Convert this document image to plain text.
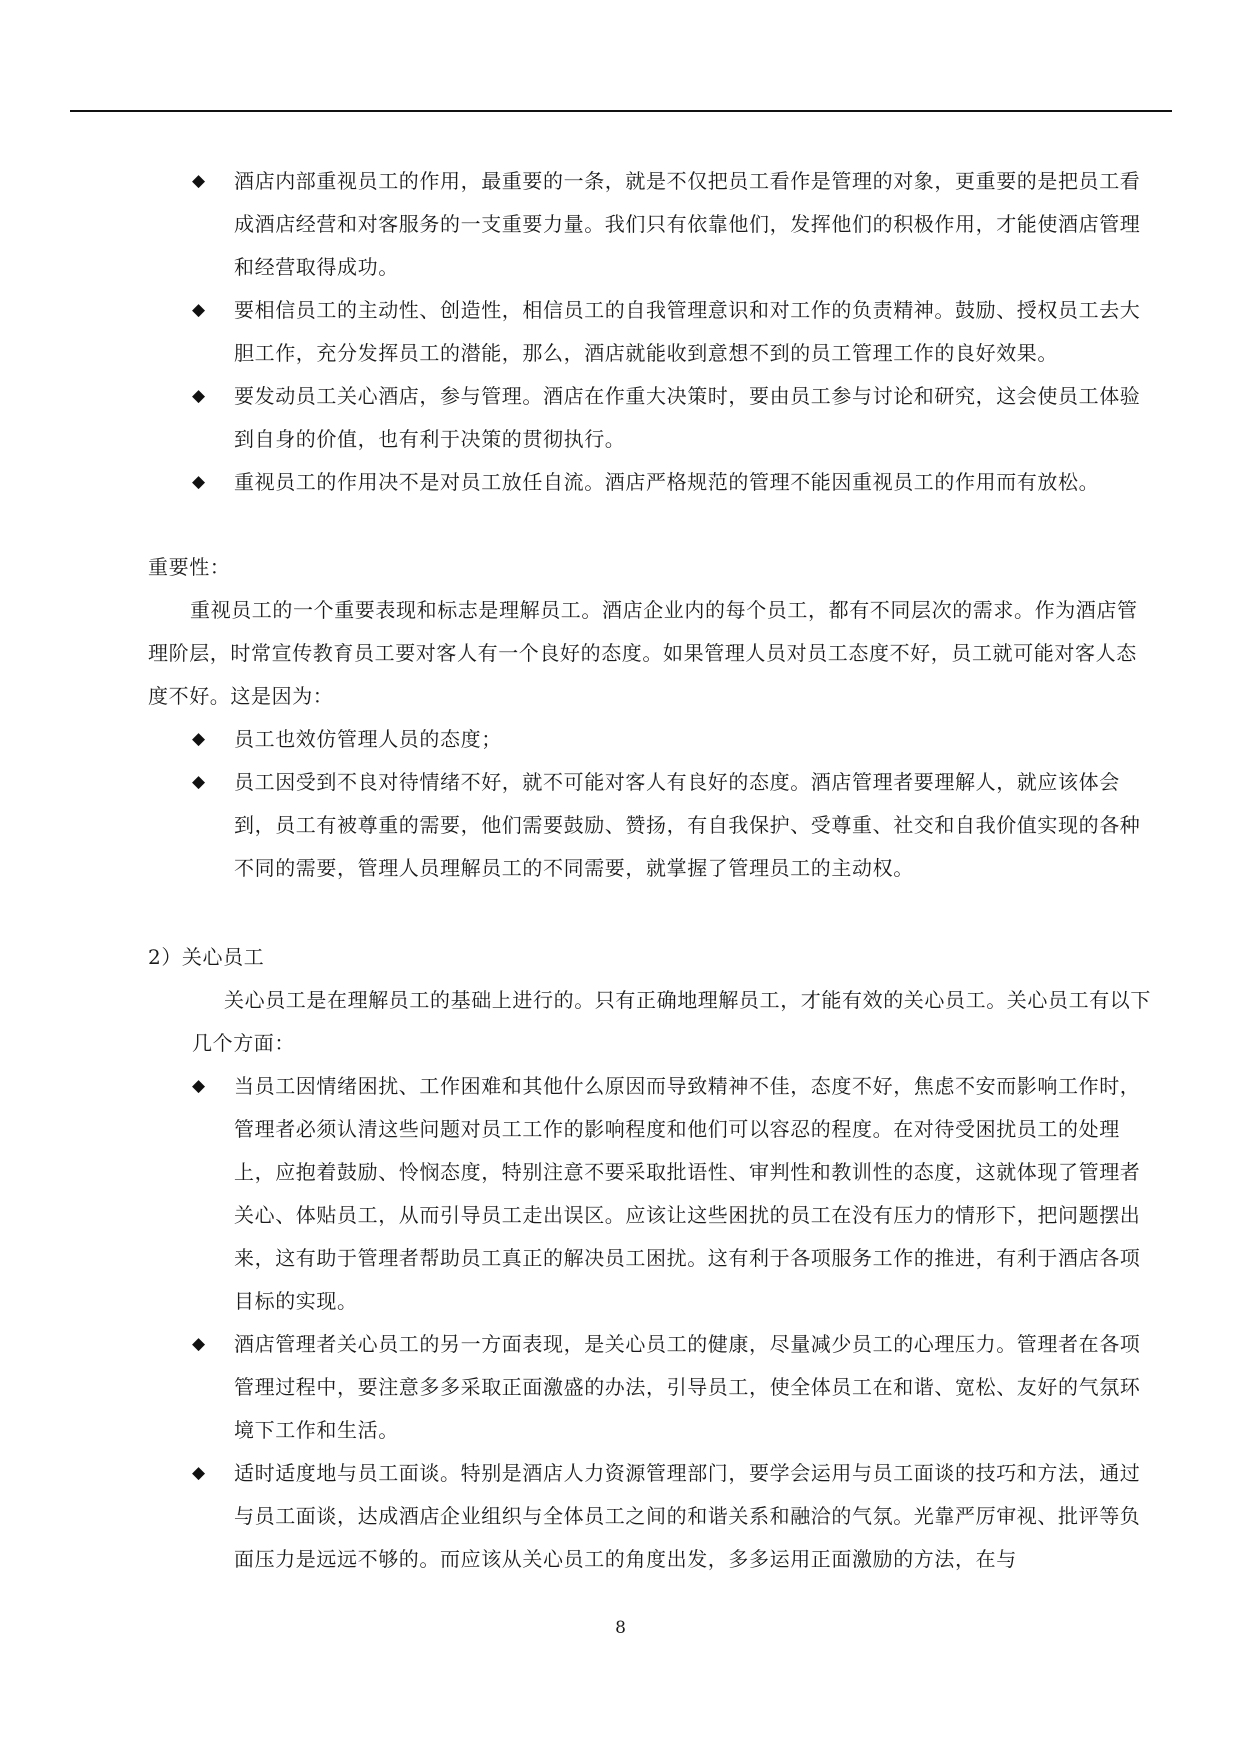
◆ 酒店内部重视员工的作用，最重要的一条，就是不仅把员工看作是管理的对象，更重要的是把员工看成酒店经营和对客服务的一支重要力量。我们只有依靠他们，发挥他们的积极作用，才能使酒店管理和经营取得成功。
◆ 要相信员工的主动性、创造性，相信员工的自我管理意识和对工作的负责精神。鼓励、授权员工去大胆工作，充分发挥员工的潜能，那么，酒店就能收到意想不到的员工管理工作的良好效果。
◆ 要发动员工关心酒店，参与管理。酒店在作重大决策时，要由员工参与讨论和研究，这会使员工体验到自身的价值，也有利于决策的贯彻执行。
◆ 重视员工的作用决不是对员工放任自流。酒店严格规范的管理不能因重视员工的作用而有放松。
重要性：
重视员工的一个重要表现和标志是理解员工。酒店企业内的每个员工，都有不同层次的需求。作为酒店管理阶层，时常宣传教育员工要对客人有一个良好的态度。如果管理人员对员工态度不好，员工就可能对客人态度不好。这是因为：
◆ 员工也效仿管理人员的态度；
◆ 员工因受到不良对待情绪不好，就不可能对客人有良好的态度。酒店管理者要理解人，就应该体会到，员工有被尊重的需要，他们需要鼓励、赞扬，有自我保护、受尊重、社交和自我价值实现的各种不同的需要，管理人员理解员工的不同需要，就掌握了管理员工的主动权。
2）关心员工
关心员工是在理解员工的基础上进行的。只有正确地理解员工，才能有效的关心员工。关心员工有以下几个方面：
◆ 当员工因情绪困扰、工作困难和其他什么原因而导致精神不佳，态度不好，焦虑不安而影响工作时，管理者必须认清这些问题对员工工作的影响程度和他们可以容忍的程度。在对待受困扰员工的处理上，应抱着鼓励、怜悯态度，特别注意不要采取批语性、审判性和教训性的态度，这就体现了管理者关心、体贴员工，从而引导员工走出误区。应该让这些困扰的员工在没有压力的情形下，把问题摆出来，这有助于管理者帮助员工真正的解决员工困扰。这有利于各项服务工作的推进，有利于酒店各项目标的实现。
◆ 酒店管理者关心员工的另一方面表现，是关心员工的健康，尽量减少员工的心理压力。管理者在各项管理过程中，要注意多多采取正面激盛的办法，引导员工，使全体员工在和谐、宽松、友好的气氛环境下工作和生活。
◆ 适时适度地与员工面谈。特别是酒店人力资源管理部门，要学会运用与员工面谈的技巧和方法，通过与员工面谈，达成酒店企业组织与全体员工之间的和谐关系和融洽的气氛。光靠严厉审视、批评等负面压力是远远不够的。而应该从关心员工的角度出发，多多运用正面激励的方法，在与
8
